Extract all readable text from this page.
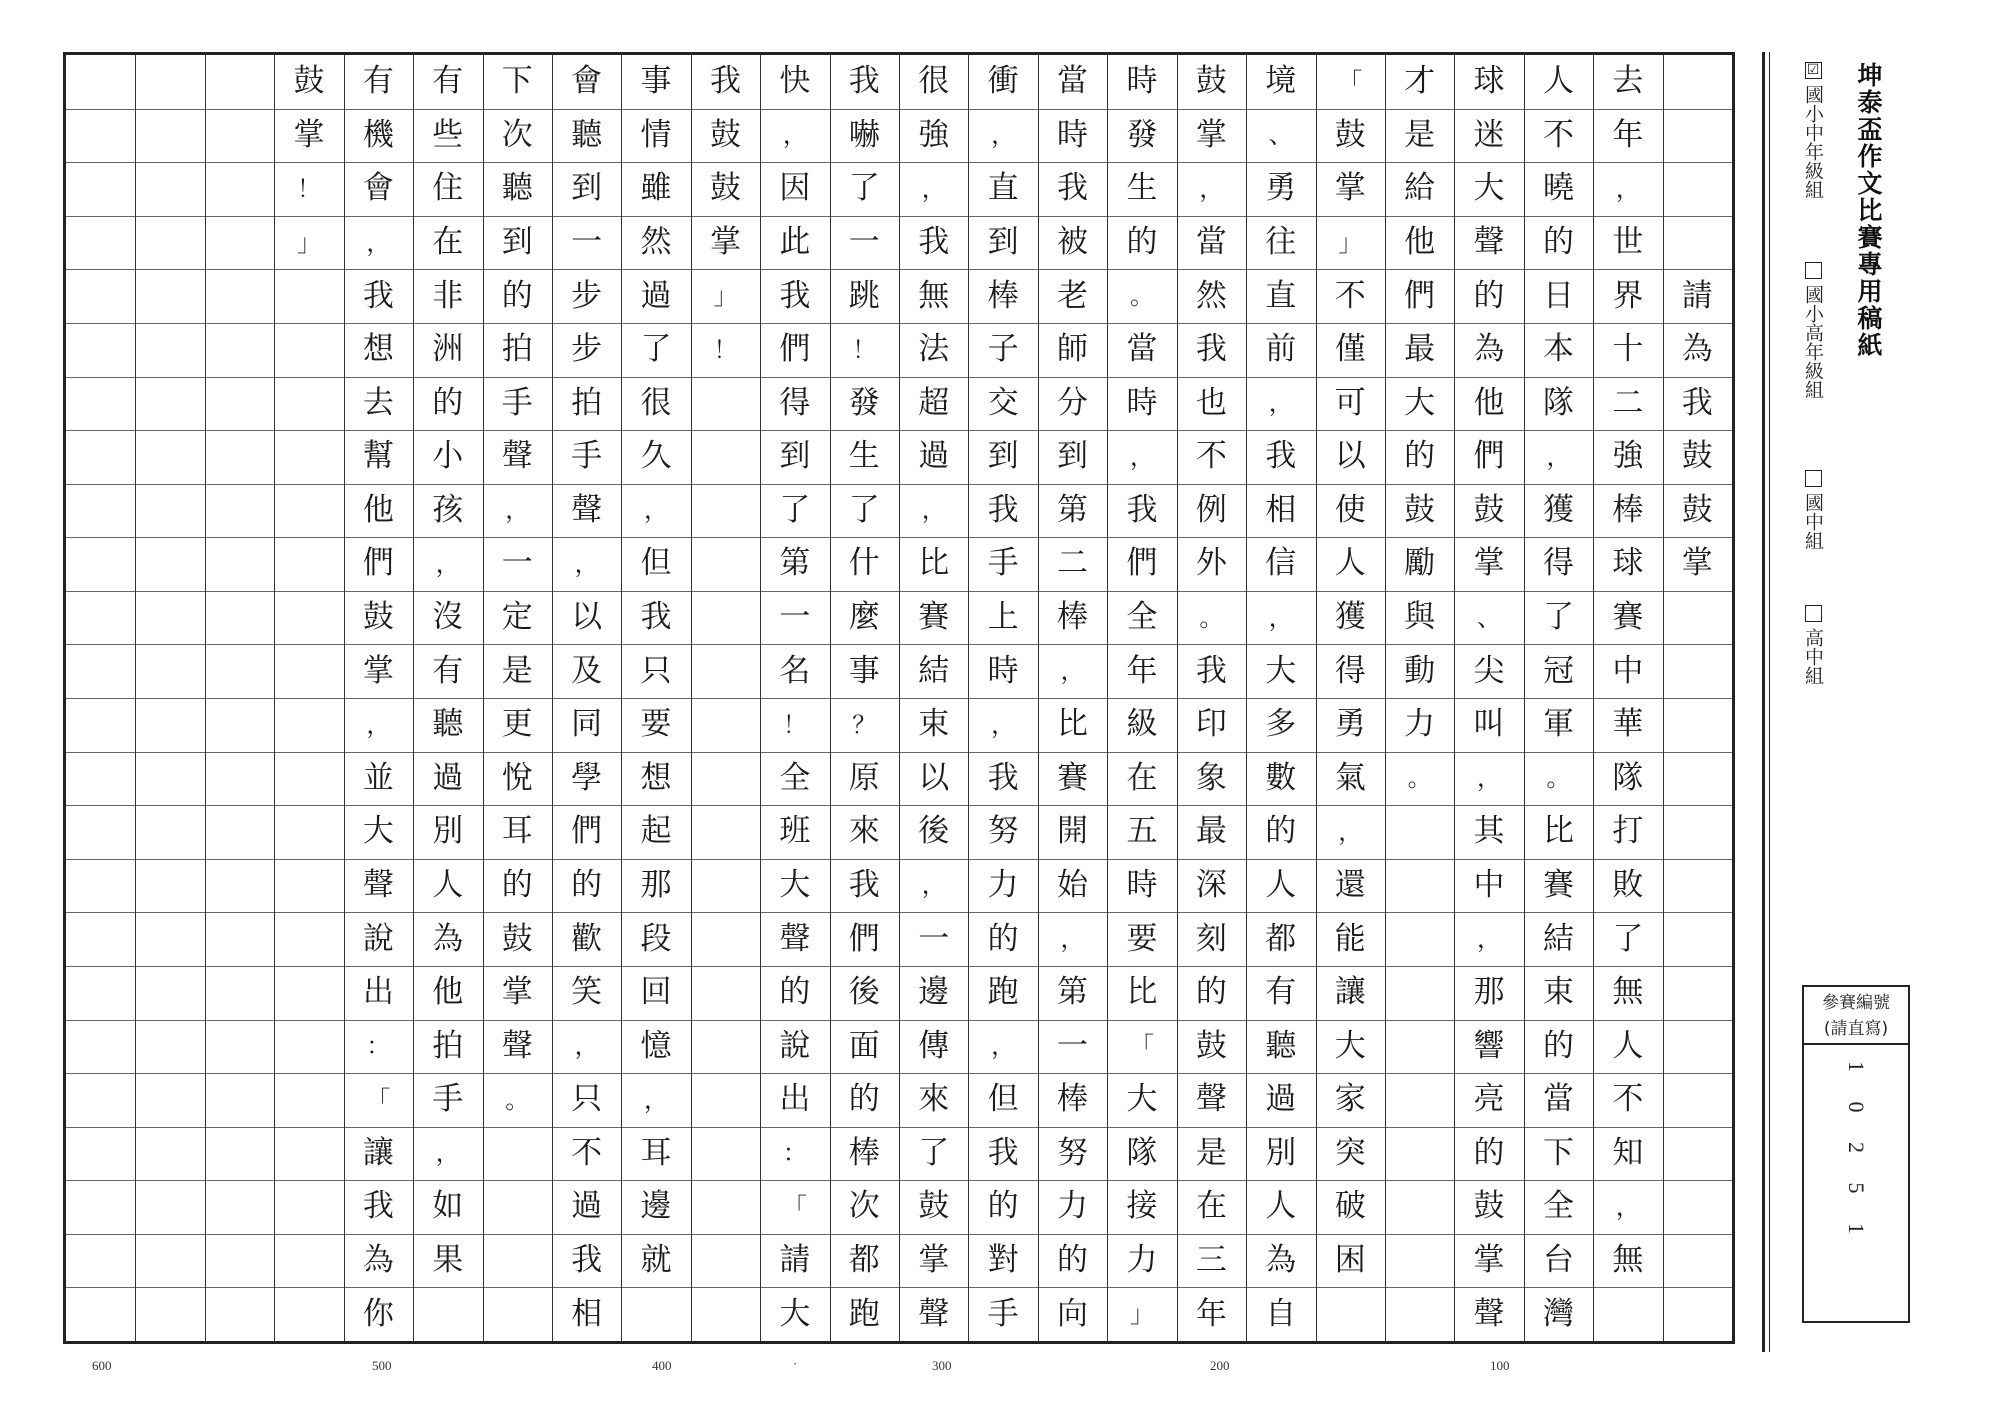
請
為
我
鼓
鼓
掌
去
年
，
世
界
十
二
強
棒
球
賽
中
華
隊
打
敗
了
無
人
不
知
，
無
人
不
曉
的
日
本
隊
，
獲
得
了
冠
軍
。
比
賽
結
束
的
當
下
全
台
灣
球
迷
大
聲
的
為
他
們
鼓
掌
、
尖
叫
，
其
中
，
那
響
亮
的
鼓
掌
聲
才
是
給
他
們
最
大
的
鼓
勵
與
動
力
。
「
鼓
掌
」
不
僅
可
以
使
人
獲
得
勇
氣
，
還
能
讓
大
家
突
破
困
境
、
勇
往
直
前
，
我
相
信
，
大
多
數
的
人
都
有
聽
過
別
人
為
自
鼓
掌
，
當
然
我
也
不
例
外
。
我
印
象
最
深
刻
的
鼓
聲
是
在
三
年
時
發
生
的
。
當
時
，
我
們
全
年
級
在
五
時
要
比
「
大
隊
接
力
」
當
時
我
被
老
師
分
到
第
二
棒
，
比
賽
開
始
，
第
一
棒
努
力
的
向
衝
，
直
到
棒
子
交
到
我
手
上
時
，
我
努
力
的
跑
，
但
我
的
對
手
很
強
，
我
無
法
超
過
，
比
賽
結
束
以
後
，
一
邊
傳
來
了
鼓
掌
聲
我
嚇
了
一
跳
！
發
生
了
什
麼
事
？
原
來
我
們
後
面
的
棒
次
都
跑
快
，
因
此
我
們
得
到
了
第
一
名
！
全
班
大
聲
的
說
出
：
「
請
大
我
鼓
鼓
掌
」
！
事
情
雖
然
過
了
很
久
，
但
我
只
要
想
起
那
段
回
憶
，
耳
邊
就
會
聽
到
一
步
步
拍
手
聲
，
以
及
同
學
們
的
歡
笑
，
只
不
過
我
相
下
次
聽
到
的
拍
手
聲
，
一
定
是
更
悅
耳
的
鼓
掌
聲
。
有
些
住
在
非
洲
的
小
孩
，
沒
有
聽
過
別
人
為
他
拍
手
，
如
果
有
機
會
，
我
想
去
幫
他
們
鼓
掌
，
並
大
聲
說
出
：
「
讓
我
為
你
鼓
掌
！
」
600	500	400	·	300	200	100
坤泰盃作文比賽專用稿紙
☑國小中年級組
國小高年級組
國中組
高中組
參賽編號
(請直寫)
1 0 2 5 1
